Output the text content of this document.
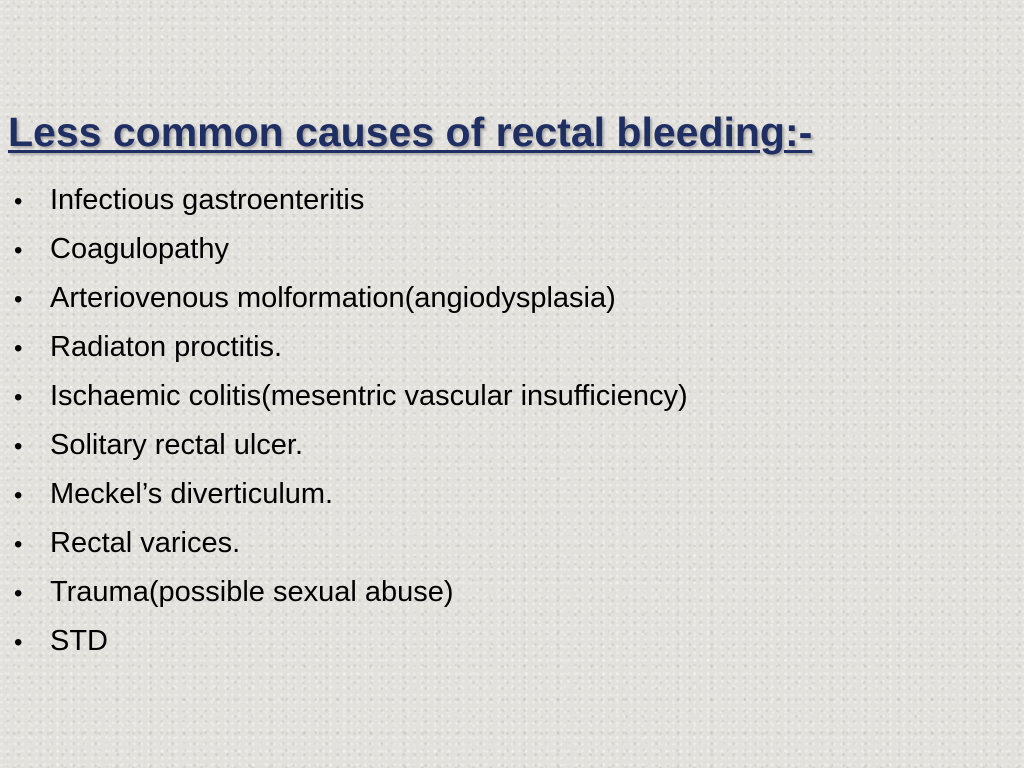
Less common causes of rectal bleeding:-
• Infectious gastroenteritis
• Coagulopathy
• Arteriovenous molformation(angiodysplasia)
• Radiaton proctitis.
• Ischaemic colitis(mesentric vascular insufficiency)
• Solitary rectal ulcer.
• Meckel’s diverticulum.
• Rectal varices.
• Trauma(possible sexual abuse)
• STD
